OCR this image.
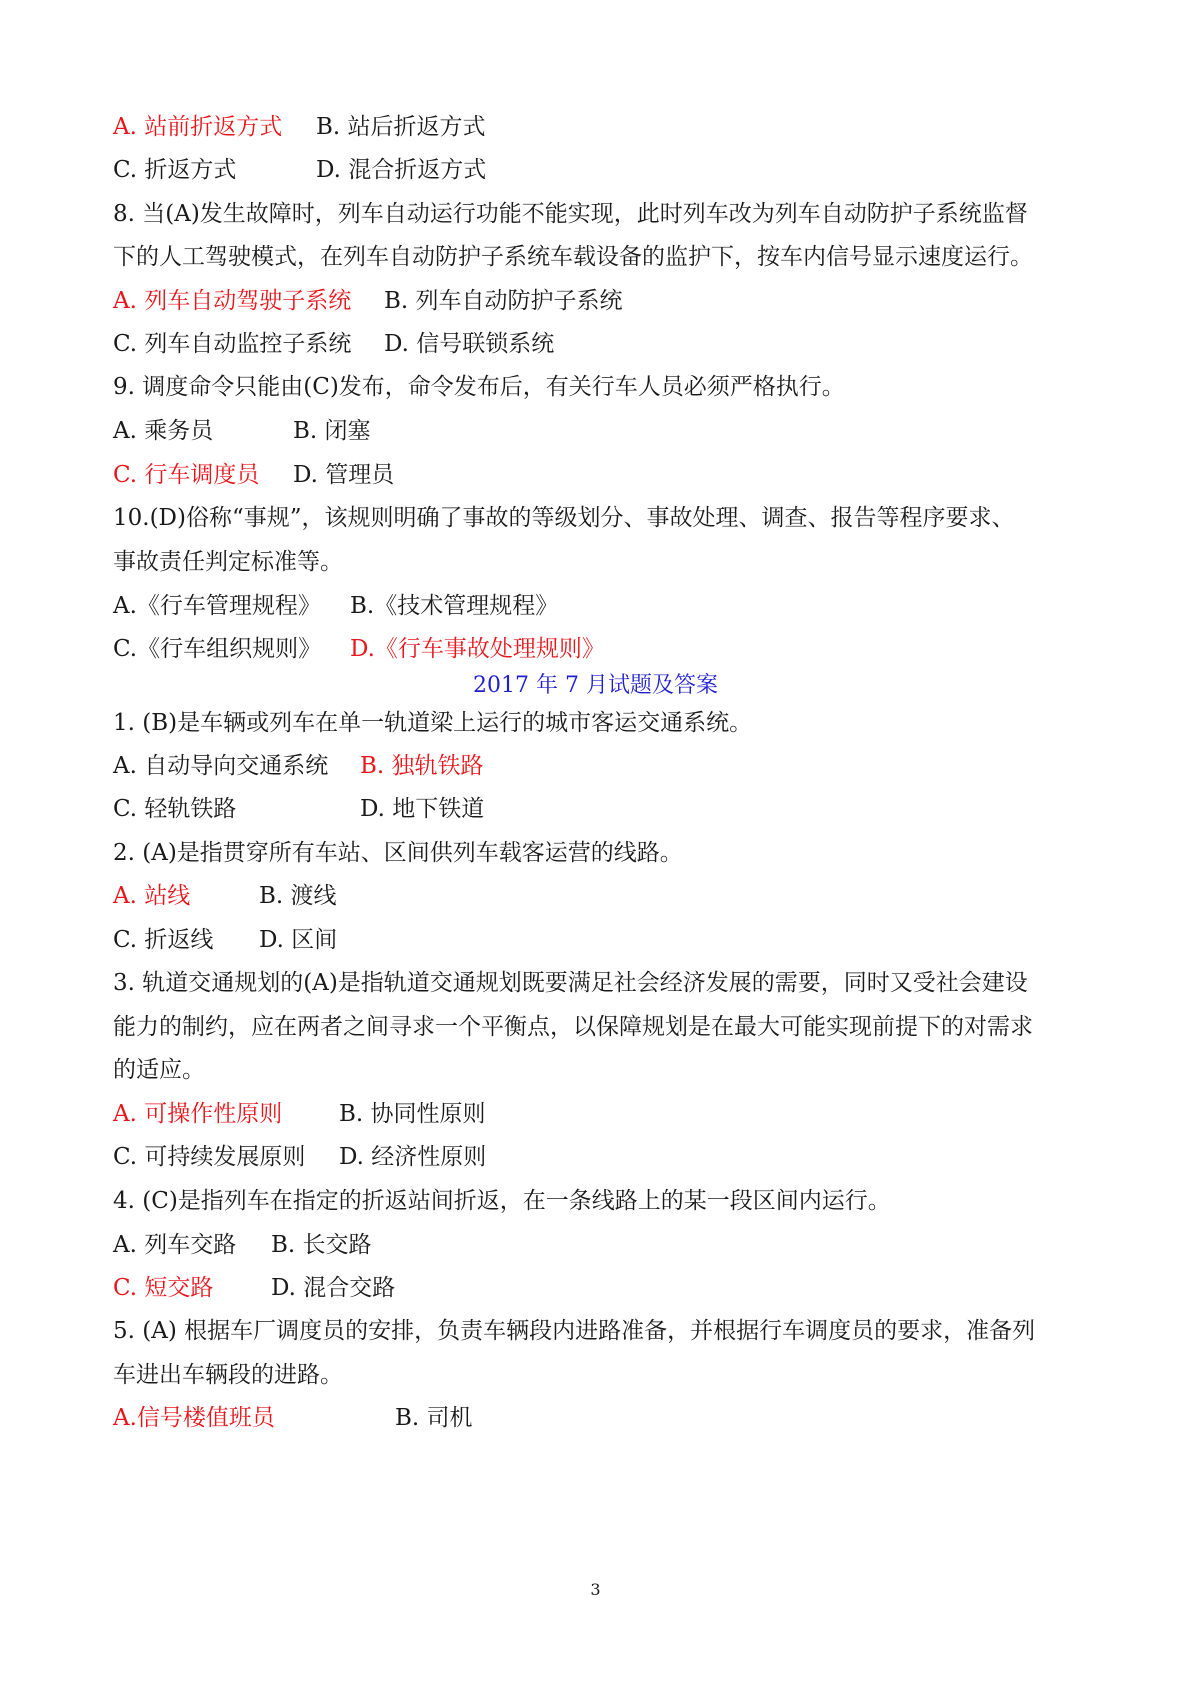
A. 站前折返方式 B. 站后折返方式
C. 折返方式	D. 混合折返方式
8. 当(A)发生故障时，列车自动运行功能不能实现，此时列车改为列车自动防护子系统监督
下的人工驾驶模式，在列车自动防护子系统车载设备的监护下，按车内信号显示速度运行。
A. 列车自动驾驶子系统 B. 列车自动防护子系统
C. 列车自动监控子系统 D. 信号联锁系统
9. 调度命令只能由(C)发布，命令发布后，有关行车人员必须严格执行。
A. 乘务员	B. 闭塞
C. 行车调度员 D. 管理员
10.(D)俗称“事规”，该规则明确了事故的等级划分、事故处理、调查、报告等程序要求、
事故责任判定标准等。
A.《行车管理规程》 B.《技术管理规程》
C.《行车组织规则》 D.《行车事故处理规则》
2017 年 7 月试题及答案
1. (B)是车辆或列车在单一轨道梁上运行的城市客运交通系统。
A. 自动导向交通系统 B. 独轨铁路
C. 轻轨铁路	D. 地下铁道
2. (A)是指贯穿所有车站、区间供列车载客运营的线路。
A. 站线	B. 渡线
C. 折返线 D. 区间
3. 轨道交通规划的(A)是指轨道交通规划既要满足社会经济发展的需要，同时又受社会建设
能力的制约，应在两者之间寻求一个平衡点，以保障规划是在最大可能实现前提下的对需求
的适应。
A. 可操作性原则 B. 协同性原则
C. 可持续发展原则 D. 经济性原则
4. (C)是指列车在指定的折返站间折返，在一条线路上的某一段区间内运行。
A. 列车交路 B. 长交路
C. 短交路	D. 混合交路
5. (A) 根据车厂调度员的安排，负责车辆段内进路准备，并根据行车调度员的要求，准备列
车进出车辆段的进路。
A.信号楼值班员	B. 司机
3
